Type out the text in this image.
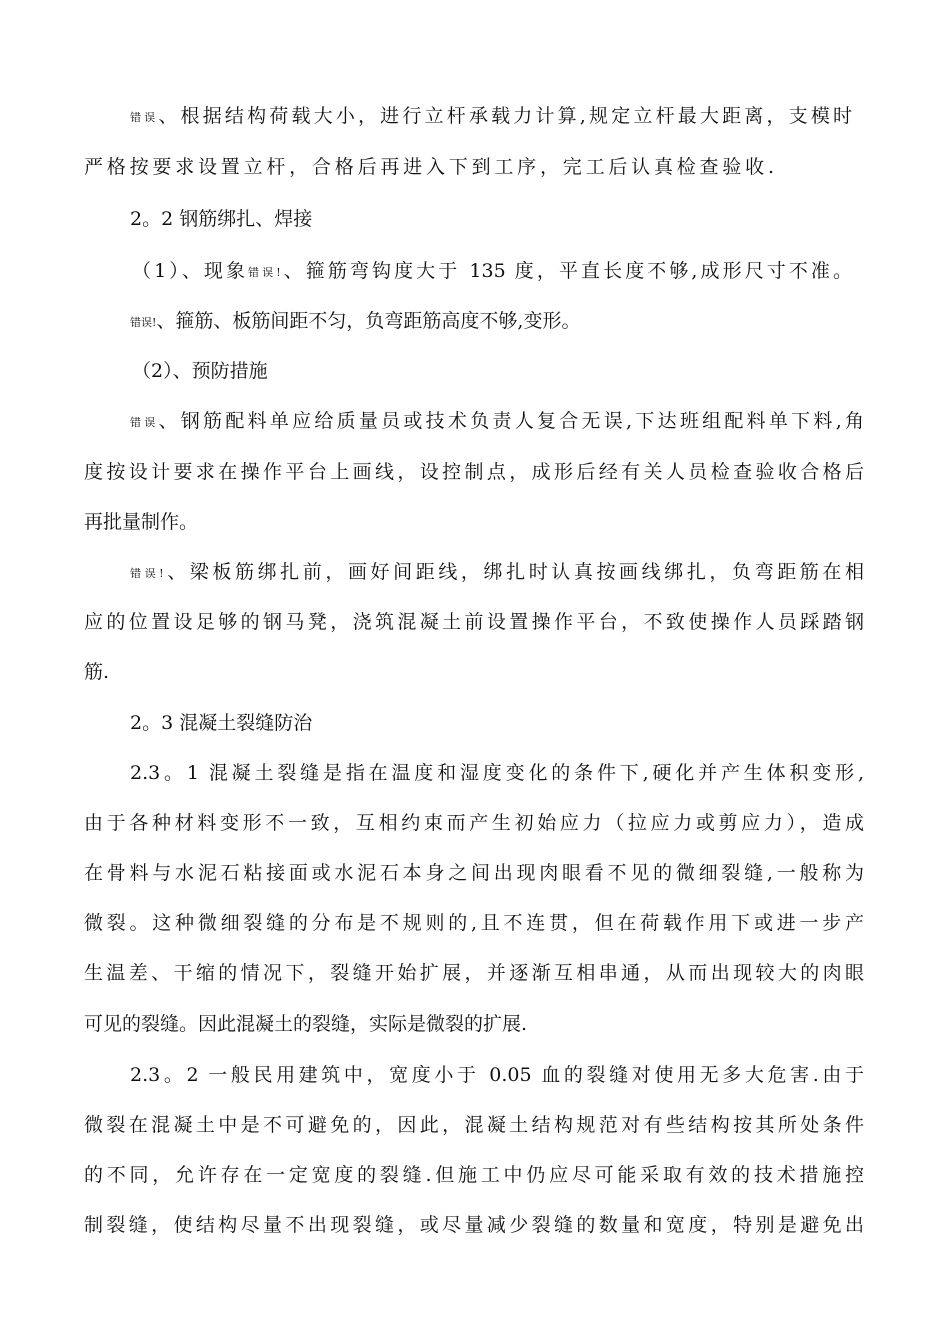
错误、根据结构荷载大小，进行立杆承载力计算,规定立杆最大距离，支模时
严格按要求设置立杆，合格后再进入下到工序，完工后认真检查验收.
2。2 钢筋绑扎、焊接
（1）、现象错误!、箍筋弯钩度大于 135 度，平直长度不够,成形尺寸不准。
错误!、箍筋、板筋间距不匀，负弯距筋高度不够,变形。
（2）、预防措施
错误、钢筋配料单应给质量员或技术负责人复合无误,下达班组配料单下料,角
度按设计要求在操作平台上画线，设控制点，成形后经有关人员检查验收合格后
再批量制作。
错误!、梁板筋绑扎前，画好间距线，绑扎时认真按画线绑扎，负弯距筋在相
应的位置设足够的钢马凳，浇筑混凝土前设置操作平台，不致使操作人员踩踏钢
筋.
2。3 混凝土裂缝防治
2.3。1 混凝土裂缝是指在温度和湿度变化的条件下,硬化并产生体积变形,
由于各种材料变形不一致，互相约束而产生初始应力（拉应力或剪应力），造成
在骨料与水泥石粘接面或水泥石本身之间出现肉眼看不见的微细裂缝,一般称为
微裂。这种微细裂缝的分布是不规则的,且不连贯，但在荷载作用下或进一步产
生温差、干缩的情况下，裂缝开始扩展，并逐渐互相串通，从而出现较大的肉眼
可见的裂缝。因此混凝土的裂缝，实际是微裂的扩展.
2.3。2 一般民用建筑中，宽度小于 0.05 血的裂缝对使用无多大危害.由于
微裂在混凝土中是不可避免的，因此，混凝土结构规范对有些结构按其所处条件
的不同，允许存在一定宽度的裂缝.但施工中仍应尽可能采取有效的技术措施控
制裂缝，使结构尽量不出现裂缝，或尽量减少裂缝的数量和宽度，特别是避免出
